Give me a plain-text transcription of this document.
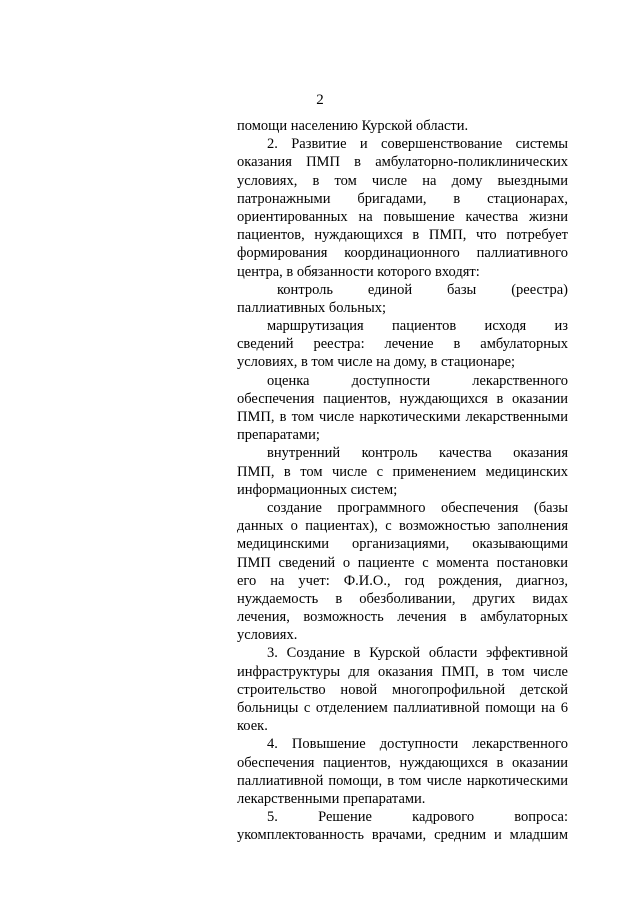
2
помощи населению Курской области.
2. Развитие и совершенствование системы
оказания ПМП в амбулаторно-поликлинических
условиях, в том числе на дому выездными
патронажными бригадами, в стационарах,
ориентированных на повышение качества жизни
пациентов, нуждающихся в ПМП, что потребует
формирования координационного паллиативного
центра, в обязанности которого входят:
контроль единой базы (реестра)
паллиативных больных;
маршрутизация пациентов исходя из
сведений реестра: лечение в амбулаторных
условиях, в том числе на дому, в стационаре;
оценка доступности лекарственного
обеспечения пациентов, нуждающихся в оказании
ПМП, в том числе наркотическими лекарственными
препаратами;
внутренний контроль качества оказания
ПМП, в том числе с применением медицинских
информационных систем;
создание программного обеспечения (базы
данных о пациентах), с возможностью заполнения
медицинскими организациями, оказывающими
ПМП сведений о пациенте с момента постановки
его на учет: Ф.И.О., год рождения, диагноз,
нуждаемость в обезболивании, других видах
лечения, возможность лечения в амбулаторных
условиях.
3. Создание в Курской области эффективной
инфраструктуры для оказания ПМП, в том числе
строительство новой многопрофильной детской
больницы с отделением паллиативной помощи на 6
коек.
4. Повышение доступности лекарственного
обеспечения пациентов, нуждающихся в оказании
паллиативной помощи, в том числе наркотическими
лекарственными препаратами.
5. Решение кадрового вопроса:
укомплектованность врачами, средним и младшим
